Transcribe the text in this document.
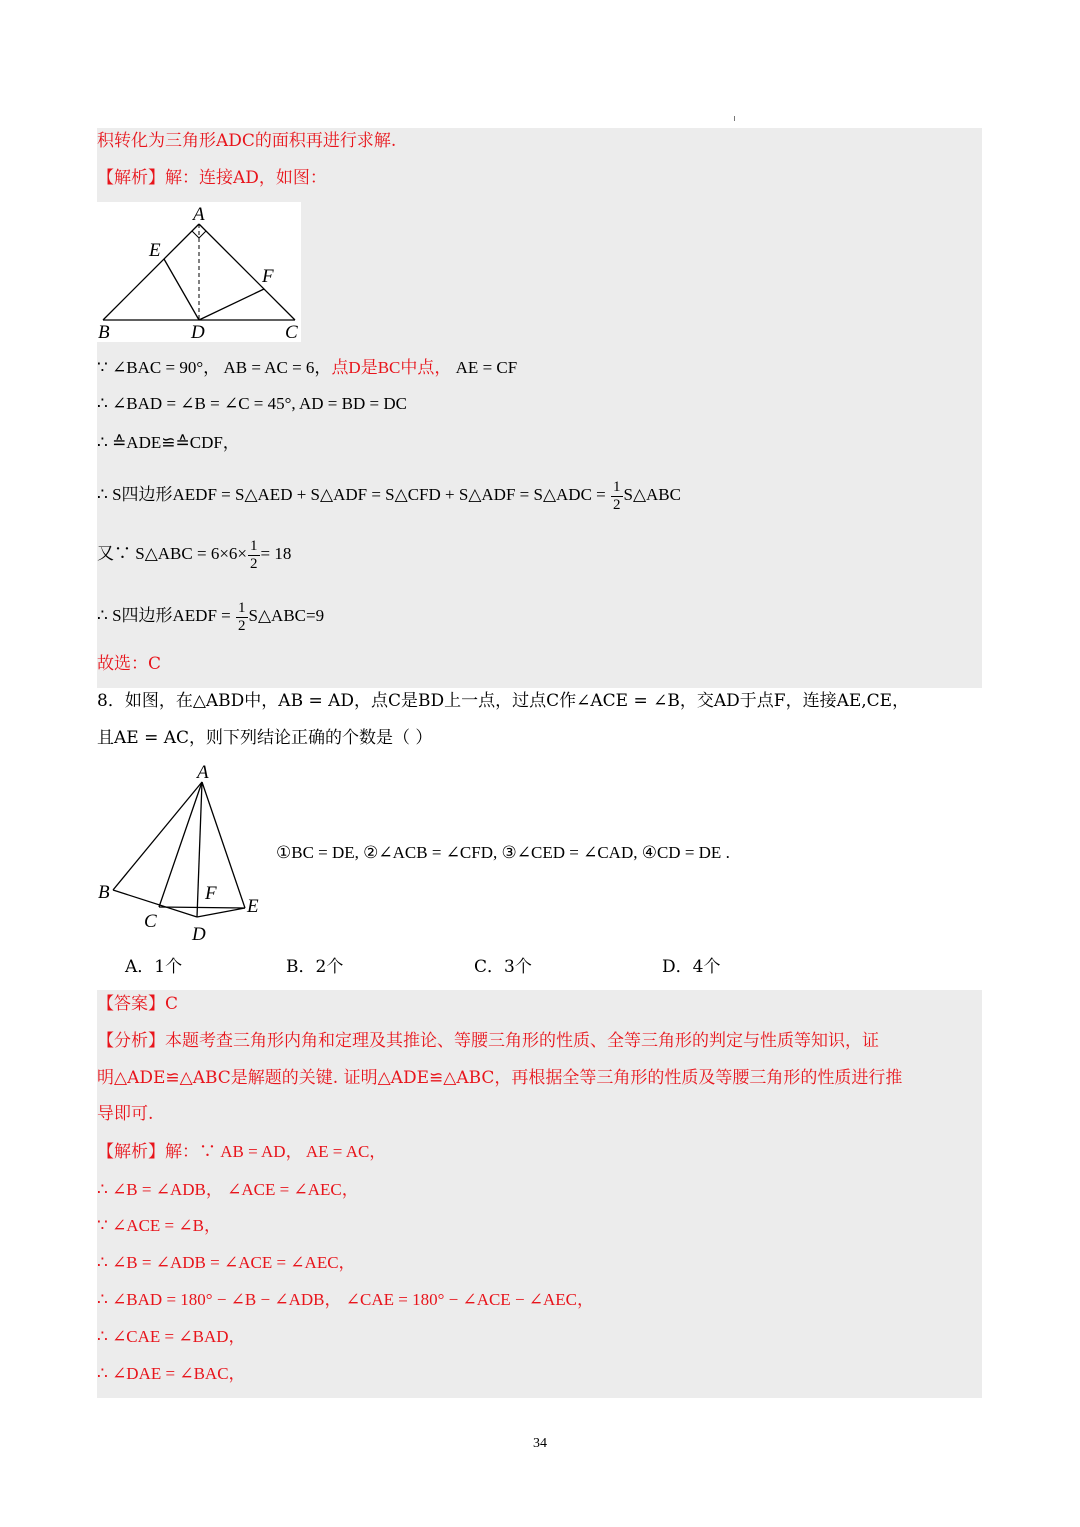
积转化为三角形ADC的面积再进行求解.
【解析】解：连接AD，如图：
A
E
F
B	D	C
∵ ∠BAC = 90°， AB = AC = 6，点D是BC中点， AE = CF
∴ ∠BAD = ∠B = ∠C = 45°, AD = BD = DC
∴ ≙ADE≌≙CDF，
∴ S四边形AEDF = S△AED + S△ADF = S△CFD + S△ADF = S△ADC = $\frac{1}{2}$ S△ABC
又∵ S△ABC = $6\times 6\times \frac{1}{2} = 18$
∴ S四边形AEDF = $\frac{1}{2}$ S△ABC=9
故选：C
8．如图，在△ABD中，AB = AD，点C是BD上一点，过点C作∠ACE = ∠B，交AD于点F，连接AE,CE，
且AE = AC，则下列结论正确的个数是（ ）
A
B	F
E
C
D
①BC = DE, ②∠ACB = ∠CFD, ③∠CED = ∠CAD, ④CD = DE .
A．1个	B．2个	C．3个	D．4个
【答案】C
【分析】本题考查三角形内角和定理及其推论、等腰三角形的性质、全等三角形的判定与性质等知识，证
明△ADE≌△ABC是解题的关键. 证明△ADE≌△ABC，再根据全等三角形的性质及等腰三角形的性质进行推
导即可.
【解析】解：∵ AB = AD， AE = AC，
∴ ∠B = ∠ADB， ∠ACE = ∠AEC，
∵ ∠ACE = ∠B，
∴ ∠B = ∠ADB = ∠ACE = ∠AEC，
∴ ∠BAD = 180° − ∠B − ∠ADB， ∠CAE = 180° − ∠ACE − ∠AEC，
∴ ∠CAE = ∠BAD，
∴ ∠DAE = ∠BAC，
34
